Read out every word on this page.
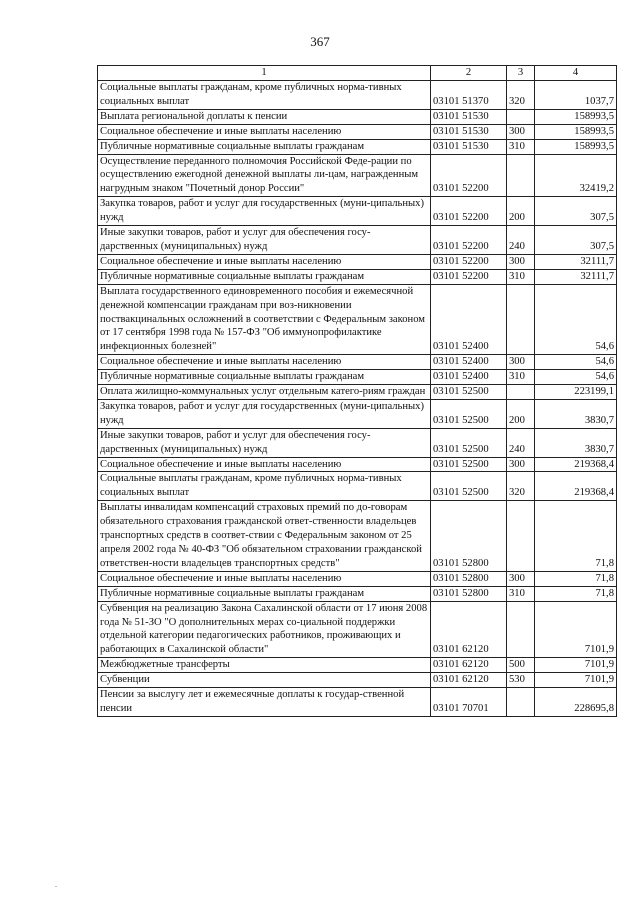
367
1	2	3	4
Социальные выплаты гражданам, кроме публичных норма-тивных социальных выплат	03101 51370	320	1037,7
Выплата региональной доплаты к пенсии	03101 51530		158993,5
Социальное обеспечение и иные выплаты населению	03101 51530	300	158993,5
Публичные нормативные социальные выплаты гражданам	03101 51530	310	158993,5
Осуществление переданного полномочия Российской Феде-рации по осуществлению ежегодной денежной выплаты ли-цам, награжденным нагрудным знаком "Почетный донор России"	03101 52200		32419,2
Закупка товаров, работ и услуг для государственных (муни-ципальных) нужд	03101 52200	200	307,5
Иные закупки товаров, работ и услуг для обеспечения госу-дарственных (муниципальных) нужд	03101 52200	240	307,5
Социальное обеспечение и иные выплаты населению	03101 52200	300	32111,7
Публичные нормативные социальные выплаты гражданам	03101 52200	310	32111,7
Выплата государственного единовременного пособия и ежемесячной денежной компенсации гражданам при воз-никновении поствакцинальных осложнений в соответствии с Федеральным законом от 17 сентября 1998 года № 157-ФЗ "Об иммунопрофилактике инфекционных болезней"	03101 52400		54,6
Социальное обеспечение и иные выплаты населению	03101 52400	300	54,6
Публичные нормативные социальные выплаты гражданам	03101 52400	310	54,6
Оплата жилищно-коммунальных услуг отдельным катего-риям граждан	03101 52500		223199,1
Закупка товаров, работ и услуг для государственных (муни-ципальных) нужд	03101 52500	200	3830,7
Иные закупки товаров, работ и услуг для обеспечения госу-дарственных (муниципальных) нужд	03101 52500	240	3830,7
Социальное обеспечение и иные выплаты населению	03101 52500	300	219368,4
Социальные выплаты гражданам, кроме публичных норма-тивных социальных выплат	03101 52500	320	219368,4
Выплаты инвалидам компенсаций страховых премий по до-говорам обязательного страхования гражданской ответ-ственности владельцев транспортных средств в соответ-ствии с Федеральным законом от 25 апреля 2002 года № 40-ФЗ "Об обязательном страховании гражданской ответствен-ности владельцев транспортных средств"	03101 52800		71,8
Социальное обеспечение и иные выплаты населению	03101 52800	300	71,8
Публичные нормативные социальные выплаты гражданам	03101 52800	310	71,8
Субвенция на реализацию Закона Сахалинской области от 17 июня 2008 года № 51-ЗО "О дополнительных мерах со-циальной поддержки отдельной категории педагогических работников, проживающих и работающих в Сахалинской области"	03101 62120		7101,9
Межбюджетные трансферты	03101 62120	500	7101,9
Субвенции	03101 62120	530	7101,9
Пенсии за выслугу лет и ежемесячные доплаты к государ-ственной пенсии	03101 70701		228695,8
.
